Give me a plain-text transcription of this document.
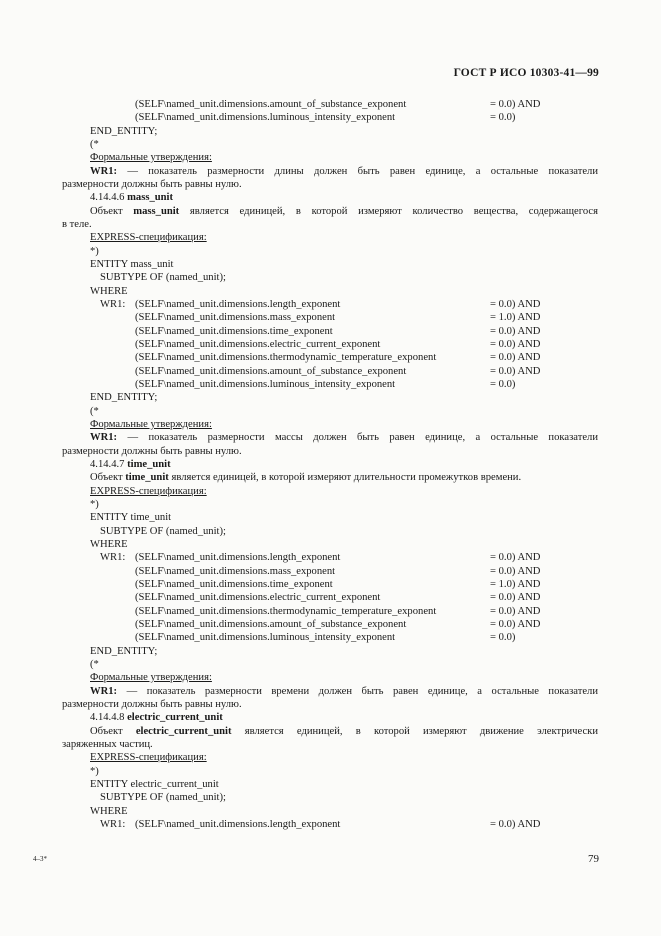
ГОСТ Р ИСО 10303-41—99
(SELF\named_unit.dimensions.amount_of_substance_exponent	= 0.0) AND
(SELF\named_unit.dimensions.luminous_intensity_exponent	= 0.0)
END_ENTITY;
(*
Формальные утверждения:
WR1: — показатель размерности длины должен быть равен единице, а остальные показатели
размерности должны быть равны нулю.
4.14.4.6 mass_unit
Объект mass_unit является единицей, в которой измеряют количество вещества, содержащегося
в теле.
EXPRESS-спецификация:
*)
ENTITY mass_unit
SUBTYPE OF (named_unit);
WHERE
WR1: (SELF\named_unit.dimensions.length_exponent	= 0.0) AND
(SELF\named_unit.dimensions.mass_exponent	= 1.0) AND
(SELF\named_unit.dimensions.time_exponent	= 0.0) AND
(SELF\named_unit.dimensions.electric_current_exponent	= 0.0) AND
(SELF\named_unit.dimensions.thermodynamic_temperature_exponent	= 0.0) AND
(SELF\named_unit.dimensions.amount_of_substance_exponent	= 0.0) AND
(SELF\named_unit.dimensions.luminous_intensity_exponent	= 0.0)
END_ENTITY;
(*
Формальные утверждения:
WR1: — показатель размерности массы должен быть равен единице, а остальные показатели
размерности должны быть равны нулю.
4.14.4.7 time_unit
Объект time_unit является единицей, в которой измеряют длительности промежутков времени.
EXPRESS-спецификация:
*)
ENTITY time_unit
SUBTYPE OF (named_unit);
WHERE
WR1: (SELF\named_unit.dimensions.length_exponent	= 0.0) AND
(SELF\named_unit.dimensions.mass_exponent	= 0.0) AND
(SELF\named_unit.dimensions.time_exponent	= 1.0) AND
(SELF\named_unit.dimensions.electric_current_exponent	= 0.0) AND
(SELF\named_unit.dimensions.thermodynamic_temperature_exponent	= 0.0) AND
(SELF\named_unit.dimensions.amount_of_substance_exponent	= 0.0) AND
(SELF\named_unit.dimensions.luminous_intensity_exponent	= 0.0)
END_ENTITY;
(*
Формальные утверждения:
WR1: — показатель размерности времени должен быть равен единице, а остальные показатели
размерности должны быть равны нулю.
4.14.4.8 electric_current_unit
Объект electric_current_unit является единицей, в которой измеряют движение электрически
заряженных частиц.
EXPRESS-спецификация:
*)
ENTITY electric_current_unit
SUBTYPE OF (named_unit);
WHERE
WR1: (SELF\named_unit.dimensions.length_exponent	= 0.0) AND
4–3*	79
